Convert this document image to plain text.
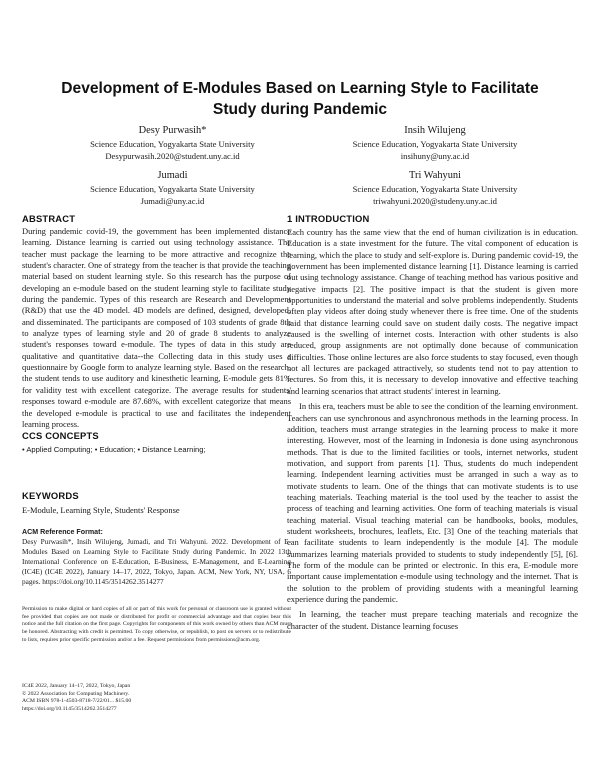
Development of E-Modules Based on Learning Style to Facilitate Study during Pandemic
Desy Purwasih*
Science Education, Yogyakarta State University
Desypurwasih.2020@student.uny.ac.id
Insih Wilujeng
Science Education, Yogyakarta State University
insihuny@uny.ac.id
Jumadi
Science Education, Yogyakarta State University
Jumadi@uny.ac.id
Tri Wahyuni
Science Education, Yogyakarta State University
triwahyuni.2020@studeny.uny.ac.id
ABSTRACT
During pandemic covid-19, the government has been implemented distance learning. Distance learning is carried out using technology assistance. The teacher must package the learning to be more attractive and recognize the student's character. One of strategy from the teacher is that provide the teaching material based on student learning style. So this research has the purpose of developing an e-module based on the student learning style to facilitate study during the pandemic. Types of this research are Research and Development (R&D) that use the 4D model. 4D models are defined, designed, developed, and disseminated. The participants are composed of 103 students of grade 8th to analyze types of learning style and 20 of grade 8 students to analyze student's responses toward e-module. The types of data in this study are qualitative and quantitative data--the Collecting data in this study uses a questionnaire by Google form to analyze learning style. Based on the research, the student tends to use auditory and kinesthetic learning, E-module gets 81% for validity test with excellent categorize. The average results for students' responses toward e-module are 87.68%, with excellent categorize that means the developed e-module is practical to use and facilitates the independent learning process.
CCS CONCEPTS
• Applied Computing; • Education; • Distance Learning;
KEYWORDS
E-Module, Learning Style, Students' Response
ACM Reference Format:
Desy Purwasih*, Insih Wilujeng, Jumadi, and Tri Wahyuni. 2022. Development of E-Modules Based on Learning Style to Facilitate Study during Pandemic. In 2022 13th International Conference on E-Education, E-Business, E-Management, and E-Learning (IC4E) (IC4E 2022), January 14–17, 2022, Tokyo, Japan. ACM, New York, NY, USA, 6 pages. https://doi.org/10.1145/3514262.3514277
Permission to make digital or hard copies of all or part of this work for personal or classroom use is granted without fee provided that copies are not made or distributed for profit or commercial advantage and that copies bear this notice and the full citation on the first page. Copyrights for components of this work owned by others than ACM must be honored. Abstracting with credit is permitted. To copy otherwise, or republish, to post on servers or to redistribute to lists, requires prior specific permission and/or a fee. Request permissions from permissions@acm.org.
IC4E 2022, January 14–17, 2022, Tokyo, Japan
© 2022 Association for Computing Machinery.
ACM ISBN 978-1-4503-8718-7/22/01... $15.00
https://doi.org/10.1145/3514262.3514277
1 INTRODUCTION

Each country has the same view that the end of human civilization is in education. Education is a state investment for the future. The vital component of education is learning, which the place to study and self-explore is. During pandemic covid-19, the government has been implemented distance learning [1]. Distance learning is carried out using technology assistance. Change of teaching method has various positive and negative impacts [2]. The positive impact is that the student is given more opportunities to understand the material and solve problems independently. Students often play videos after doing study whenever there is free time. One of the students said that distance learning could save on student daily costs. The negative impact caused is the swelling of internet costs. Interaction with other students is also reduced, group assignments are not optimally done because of communication difficulties. Those online lectures are also force students to stay focused, even though not all lectures are packaged attractively, so students tend not to pay attention to lectures. So from this, it is necessary to develop innovative and effective teaching and learning scenarios that attract students' interest in learning.

In this era, teachers must be able to see the condition of the learning environment. Teachers can use synchronous and asynchronous methods in the learning process. In addition, teachers must arrange strategies in the learning process to make it more interesting. However, most of the learning in Indonesia is done using asynchronous methods. That is due to the limited facilities or tools, internet networks, student motivation, and support from parents [1]. Thus, students do much independent learning. Independent learning activities must be arranged in such a way as to motivate students to learn. One of the things that can motivate students is to use teaching materials. Teaching material is the tool used by the teacher to assist the process of teaching and learning activities. One form of teaching materials is visual teaching material. Visual teaching material can be handbooks, books, modules, student worksheets, brochures, leaflets, Etc. [3] One of the teaching materials that can facilitate students to learn independently is the module [4]. The module summarizes learning materials provided to students to study independently [5], [6]. The form of the module can be printed or electronic. In this era, E-module more important cause implementation e-module using technology and the internet. That is the solution to the problem of providing students with a meaningful learning experience during the pandemic.

In learning, the teacher must prepare teaching materials and recognize the character of the student. Distance learning focuses
